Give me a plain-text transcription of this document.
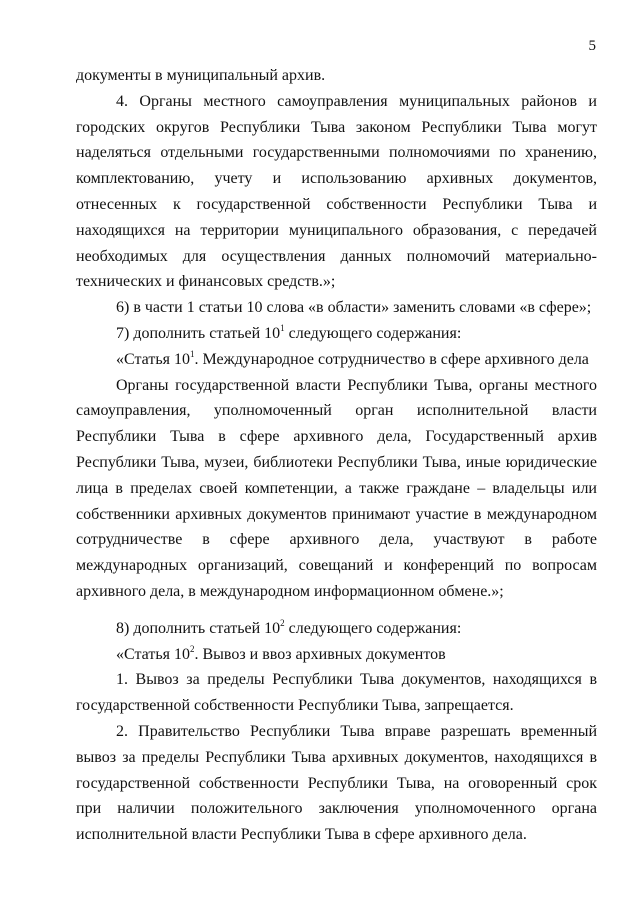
5

документы в муниципальный архив.

4. Органы местного самоуправления муниципальных районов и городских округов Республики Тыва законом Республики Тыва могут наделяться отдельными государственными полномочиями по хранению, комплектованию, учету и использованию архивных документов, отнесенных к государственной собственности Республики Тыва и находящихся на территории муниципального образования, с передачей необходимых для осуществления данных полномочий материально-технических и финансовых средств.»;

6) в части 1 статьи 10 слова «в области» заменить словами «в сфере»;

7) дополнить статьей $10^1$ следующего содержания:

«Статья $10^1$. Международное сотрудничество в сфере архивного дела

Органы государственной власти Республики Тыва, органы местного самоуправления, уполномоченный орган исполнительной власти Республики Тыва в сфере архивного дела, Государственный архив Республики Тыва, музеи, библиотеки Республики Тыва, иные юридические лица в пределах своей компетенции, а также граждане – владельцы или собственники архивных документов принимают участие в международном сотрудничестве в сфере архивного дела, участвуют в работе международных организаций, совещаний и конференций по вопросам архивного дела, в международном информационном обмене.»;

8) дополнить статьей $10^2$ следующего содержания:

«Статья $10^2$. Вывоз и ввоз архивных документов

1. Вывоз за пределы Республики Тыва документов, находящихся в государственной собственности Республики Тыва, запрещается.

2. Правительство Республики Тыва вправе разрешать временный вывоз за пределы Республики Тыва архивных документов, находящихся в государственной собственности Республики Тыва, на оговоренный срок при наличии положительного заключения уполномоченного органа исполнительной власти Республики Тыва в сфере архивного дела.
